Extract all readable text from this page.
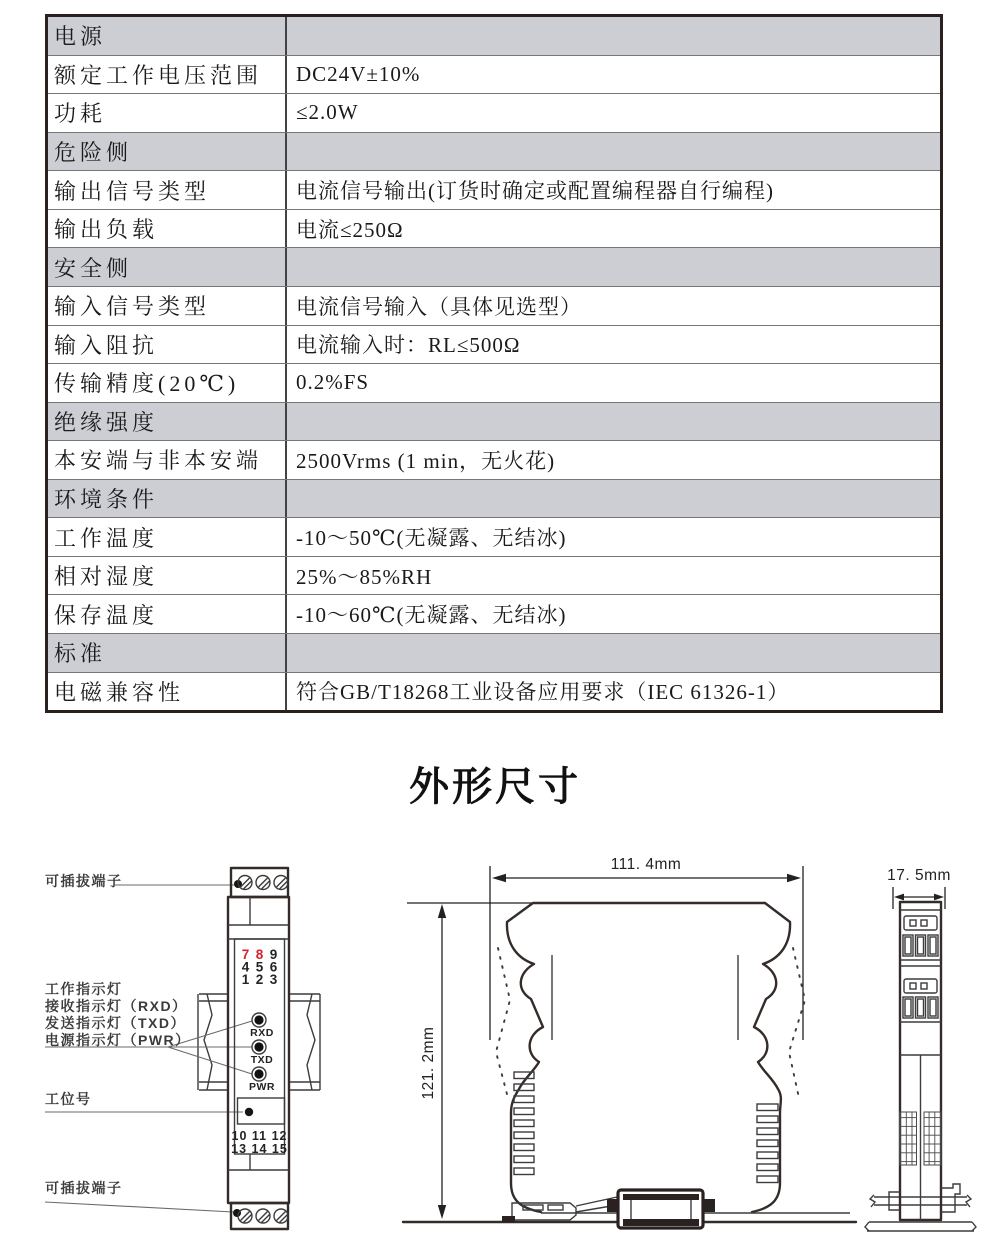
电源
额定工作电压范围	DC24V±10%
功耗	≤2.0W
危险侧
输出信号类型	电流信号输出(订货时确定或配置编程器自行编程)
输出负载	电流≤250Ω
安全侧
输入信号类型	电流信号输入（具体见选型）
输入阻抗	电流输入时：RL≤500Ω
传输精度(20℃)	0.2%FS
绝缘强度
本安端与非本安端	2500Vrms (1 min，无火花)
环境条件
工作温度	-10～50℃(无凝露、无结冰)
相对湿度	25%～85%RH
保存温度	-10～60℃(无凝露、无结冰)
标准
电磁兼容性	符合GB/T18268工业设备应用要求（IEC 61326-1）
外形尺寸
可插拔端子
工作指示灯
接收指示灯（RXD）
发送指示灯（TXD）
电源指示灯（PWR）
工位号
可插拔端子
7 8 9
4 5 6
1 2 3
RXD
TXD
PWR
10 11 12
13 14 15
111. 4mm
121. 2mm
17. 5mm
